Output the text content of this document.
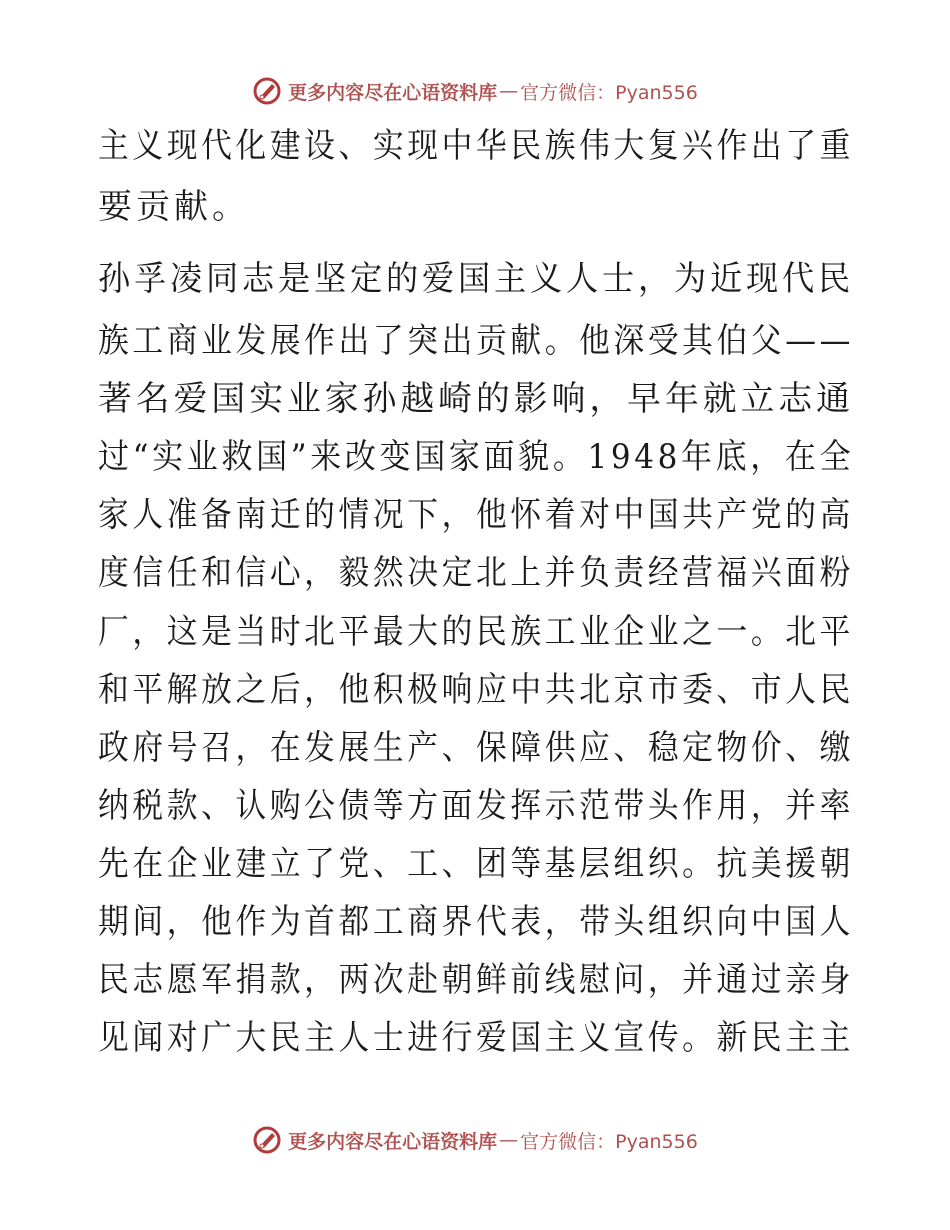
更多内容尽在心语资料库 — 官方微信：Pyan556
主义现代化建设、实现中华民族伟大复兴作出了重
要贡献。
孙孚凌同志是坚定的爱国主义人士，为近现代民
族工商业发展作出了突出贡献。他深受其伯父——
著名爱国实业家孙越崎的影响，早年就立志通
过“实业救国”来改变国家面貌。1948年底，在全
家人准备南迁的情况下，他怀着对中国共产党的高
度信任和信心，毅然决定北上并负责经营福兴面粉
厂，这是当时北平最大的民族工业企业之一。北平
和平解放之后，他积极响应中共北京市委、市人民
政府号召，在发展生产、保障供应、稳定物价、缴
纳税款、认购公债等方面发挥示范带头作用，并率
先在企业建立了党、工、团等基层组织。抗美援朝
期间，他作为首都工商界代表，带头组织向中国人
民志愿军捐款，两次赴朝鲜前线慰问，并通过亲身
见闻对广大民主人士进行爱国主义宣传。新民主主
更多内容尽在心语资料库 — 官方微信：Pyan556
